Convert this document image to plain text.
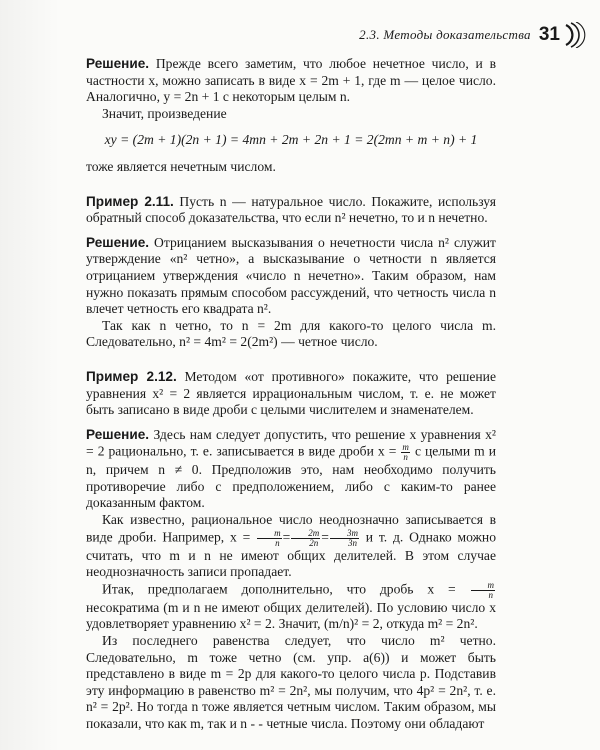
2.3. Методы доказательства 31

Решение. Прежде всего заметим, что любое нечетное число, и в частности x, можно записать в виде x = 2m + 1, где m — целое число. Аналогично, y = 2n + 1 с некоторым целым n.

Значит, произведение

xy = (2m + 1)(2n + 1) = 4mn + 2m + 2n + 1 = 2(2mn + m + n) + 1

тоже является нечетным числом.

Пример 2.11. Пусть n — натуральное число. Покажите, используя обратный способ доказательства, что если n² нечетно, то и n нечетно.

Решение. Отрицанием высказывания о нечетности числа n² служит утверждение «n² четно», а высказывание о четности n является отрицанием утверждения «число n нечетно». Таким образом, нам нужно показать прямым способом рассуждений, что четность числа n влечет четность его квадрата n².

Так как n четно, то n = 2m для какого-то целого числа m. Следовательно, n² = 4m² = 2(2m²) — четное число.

Пример 2.12. Методом «от противного» покажите, что решение уравнения x² = 2 является иррациональным числом, т. е. не может быть записано в виде дроби с целыми числителем и знаменателем.

Решение. Здесь нам следует допустить, что решение x уравнения x² = 2 рационально, т. е. записывается в виде дроби $x = \frac{m}{n}$ с целыми m и n, причем n ≠ 0. Предположив это, нам необходимо получить противоречие либо с предположением, либо с каким-то ранее доказанным фактом.

Как известно, рациональное число неоднозначно записывается в виде дроби. Например, $x = \frac{m}{n} = \frac{2m}{2n} = \frac{3m}{3n}$ и т. д. Однако можно считать, что m и n не имеют общих делителей. В этом случае неоднозначность записи пропадает.

Итак, предполагаем дополнительно, что дробь $x = \frac{m}{n}$
несократима (m и n не имеют общих делителей). По условию число x удовлетворяет уравнению x² = 2. Значит, (m/n)² = 2, откуда m² = 2n².

Из последнего равенства следует, что число m² четно. Следовательно, m тоже четно (см. упр. а(6)) и может быть представлено в виде m = 2p для какого-то целого числа p. Подставив эту информацию в равенство m² = 2n², мы получим, что 4p² = 2n², т. е. n² = 2p². Но тогда n тоже является четным числом. Таким образом, мы показали, что как m, так и n - - четные числа. Поэтому они обладают
